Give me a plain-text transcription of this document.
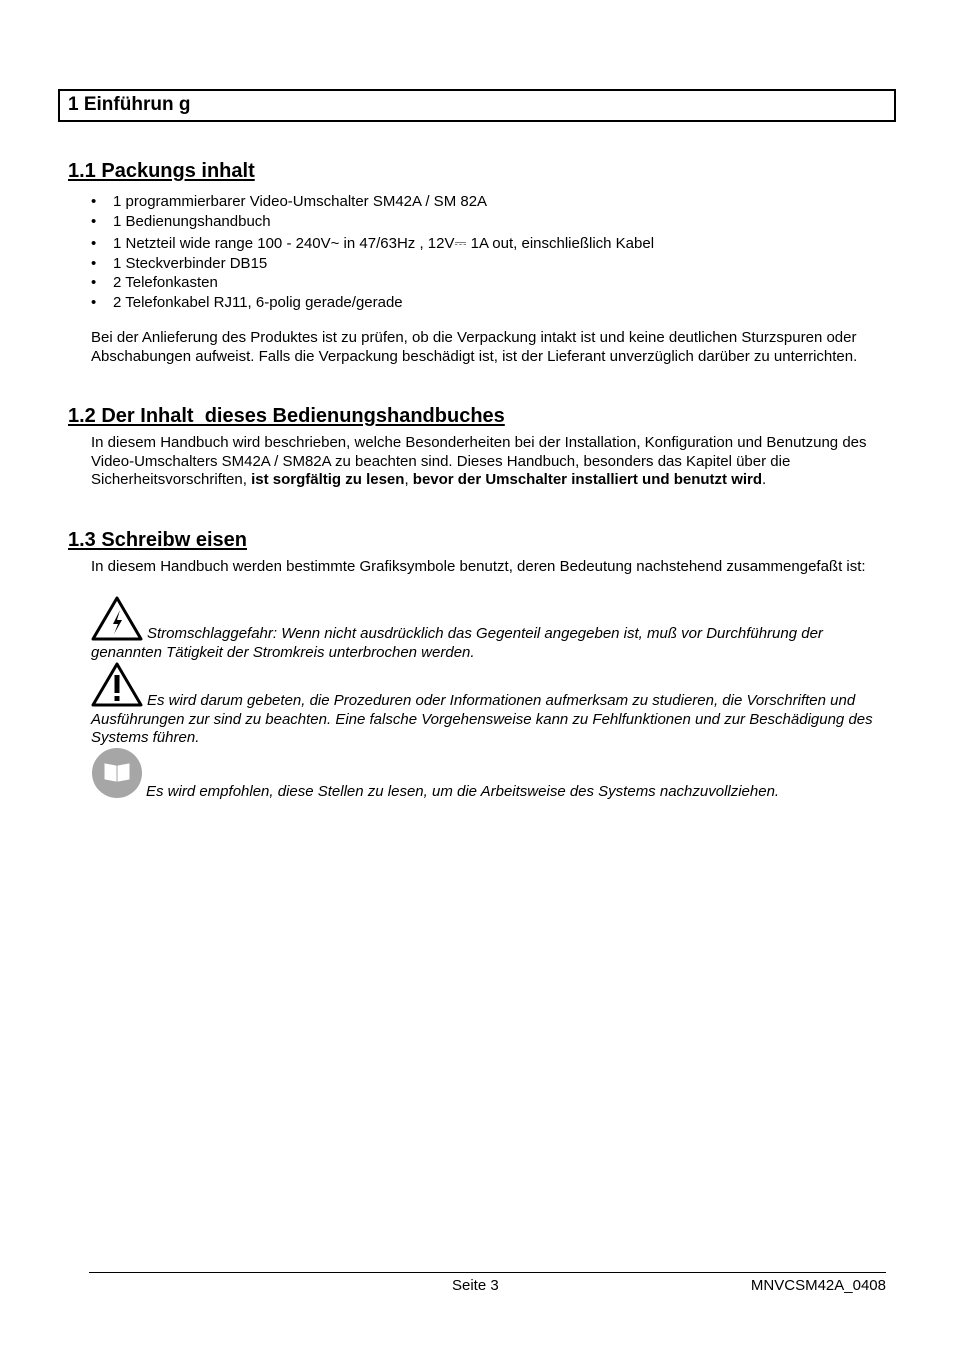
1 Einführun g
1.1 Packungs inhalt
• 1 programmierbarer Video-Umschalter SM42A / SM 82A
• 1 Bedienungshandbuch
• 1 Netzteil wide range 100 - 240V~ in 47/63Hz , 12V⎓ 1A out, einschließlich Kabel
• 1 Steckverbinder DB15
• 2 Telefonkasten
• 2 Telefonkabel RJ11, 6-polig gerade/gerade

Bei der Anlieferung des Produktes ist zu prüfen, ob die Verpackung intakt ist und keine deutlichen Sturzspuren oder Abschabungen aufweist. Falls die Verpackung beschädigt ist, ist der Lieferant unverzüglich darüber zu unterrichten.

1.2 Der Inhalt  dieses Bedienungshandbuches

In diesem Handbuch wird beschrieben, welche Besonderheiten bei der Installation, Konfiguration und Benutzung des Video-Umschalters SM42A / SM82A zu beachten sind. Dieses Handbuch, besonders das Kapitel über die Sicherheitsvorschriften, ist sorgfältig zu lesen, bevor der Umschalter installiert und benutzt wird.

1.3 Schreibw eisen

In diesem Handbuch werden bestimmte Grafiksymbole benutzt, deren Bedeutung nachstehend zusammengefaßt ist:

Stromschlaggefahr: Wenn nicht ausdrücklich das Gegenteil angegeben ist, muß vor Durchführung der genannten Tätigkeit der Stromkreis unterbrochen werden.

Es wird darum gebeten, die Prozeduren oder Informationen aufmerksam zu studieren, die Vorschriften und Ausführungen zur sind zu beachten. Eine falsche Vorgehensweise kann zu Fehlfunktionen und zur Beschädigung des Systems führen.

Es wird empfohlen, diese Stellen zu lesen, um die Arbeitsweise des Systems nachzuvollziehen.

Seite 3	MNVCSM42A_0408
